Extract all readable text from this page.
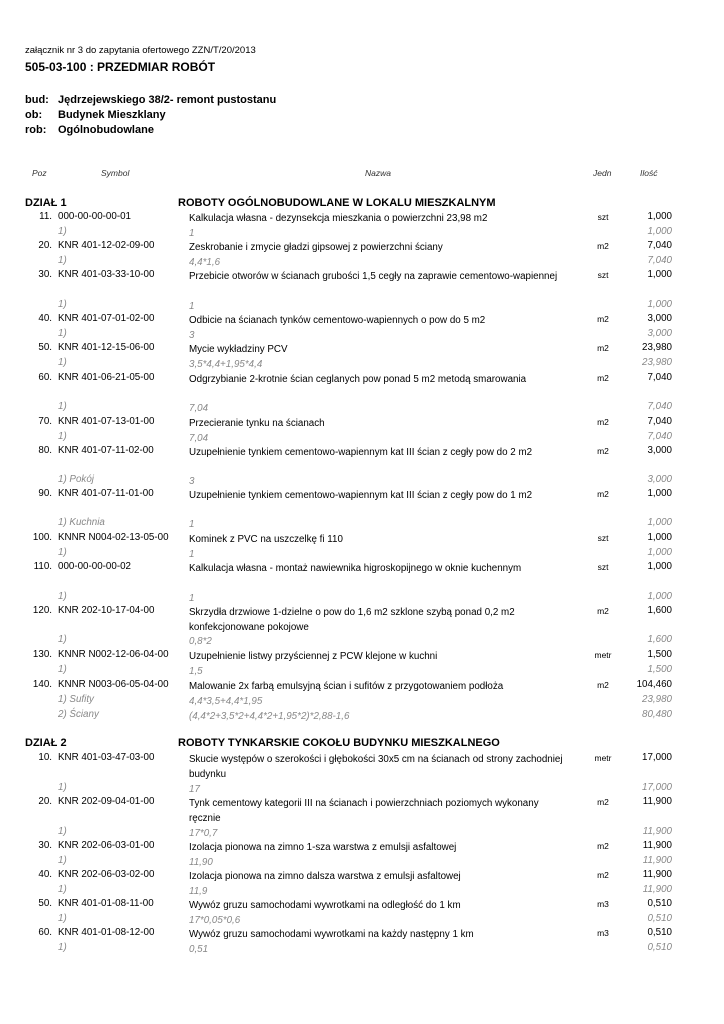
załącznik nr 3 do zapytania ofertowego ZZN/T/20/2013
505-03-100 : PRZEDMIAR ROBÓT
bud: Jędrzejewskiego 38/2- remont pustostanu
ob: Budynek Mieszklany
rob: Ogólnobudowlane
Poz	Symbol	Nazwa	Jedn	Ilość
DZIAŁ 1	ROBOTY OGÓLNOBUDOWLANE W LOKALU MIESZKALNYM
11. 000-00-00-00-01	Kalkulacja własna - dezynsekcja mieszkania o powierzchni 23,98 m2	szt	1,000
1)	1	1,000
20. KNR 401-12-02-09-00	Zeskrobanie i zmycie gładzi gipsowej z powierzchni ściany	m2	7,040
1)	4,4*1,6	7,040
30. KNR 401-03-33-10-00	Przebicie otworów w ścianach grubości 1,5 cegły na zaprawie cementowo-wapiennej	szt	1,000
1)	1	1,000
40. KNR 401-07-01-02-00	Odbicie na ścianach tynków cementowo-wapiennych o pow do 5 m2	m2	3,000
1)	3	3,000
50. KNR 401-12-15-06-00	Mycie wykładziny PCV	m2	23,980
1)	3,5*4,4+1,95*4,4	23,980
60. KNR 401-06-21-05-00	Odgrzybianie 2-krotnie ścian ceglanych pow ponad 5 m2 metodą smarowania	m2	7,040
1)	7,04	7,040
70. KNR 401-07-13-01-00	Przecieranie tynku na ścianach	m2	7,040
1)	7,04	7,040
80. KNR 401-07-11-02-00	Uzupełnienie tynkiem cementowo-wapiennym kat III ścian z cegły pow do 2 m2	m2	3,000
1) Pokój	3	3,000
90. KNR 401-07-11-01-00	Uzupełnienie tynkiem cementowo-wapiennym kat III ścian z cegły pow do 1 m2	m2	1,000
1) Kuchnia	1	1,000
100. KNNR N004-02-13-05-00 Kominek z PVC na uszczelkę fi 110	szt	1,000
1)	1	1,000
110. 000-00-00-00-02	Kalkulacja własna - montaż nawiewnika higroskopijnego w oknie kuchennym	szt	1,000
1)	1	1,000
120. KNR 202-10-17-04-00	Skrzydła drzwiowe 1-dzielne o pow do 1,6 m2 szklone szybą ponad 0,2 m2 konfekcjonowane pokojowe
m2	1,600
1)	0,8*2	1,600
130. KNNR N002-12-06-04-00 Uzupełnienie listwy przyściennej z PCW klejone w kuchni	metr	1,500
1)	1,5	1,500
140. KNNR N003-06-05-04-00 Malowanie 2x farbą emulsyjną ścian i sufitów z przygotowaniem podłoża	m2	104,460
1) Sufity	4,4*3,5+4,4*1,95	23,980
2) Ściany	(4,4*2+3,5*2+4,4*2+1,95*2)*2,88-1,6	80,480
DZIAŁ 2	ROBOTY TYNKARSKIE COKOŁU BUDYNKU MIESZKALNEGO
10. KNR 401-03-47-03-00	Skucie występów o szerokości i głębokości 30x5 cm na ścianach od strony zachodniej budynku
metr	17,000
1)	17	17,000
20. KNR 202-09-04-01-00	Tynk cementowy kategorii III na ścianach i powierzchniach poziomych wykonany ręcznie
m2	11,900
1)	17*0,7	11,900
30. KNR 202-06-03-01-00	Izolacja pionowa na zimno 1-sza warstwa z emulsji asfaltowej	m2	11,900
1)	11,90	11,900
40. KNR 202-06-03-02-00	Izolacja pionowa na zimno dalsza warstwa z emulsji asfaltowej	m2	11,900
1)	11,9	11,900
50. KNR 401-01-08-11-00	Wywóz gruzu samochodami wywrotkami na odległość do 1 km	m3	0,510
1)	17*0,05*0,6	0,510
60. KNR 401-01-08-12-00	Wywóz gruzu samochodami wywrotkami na każdy następny 1 km	m3	0,510
1)	0,51	0,510
